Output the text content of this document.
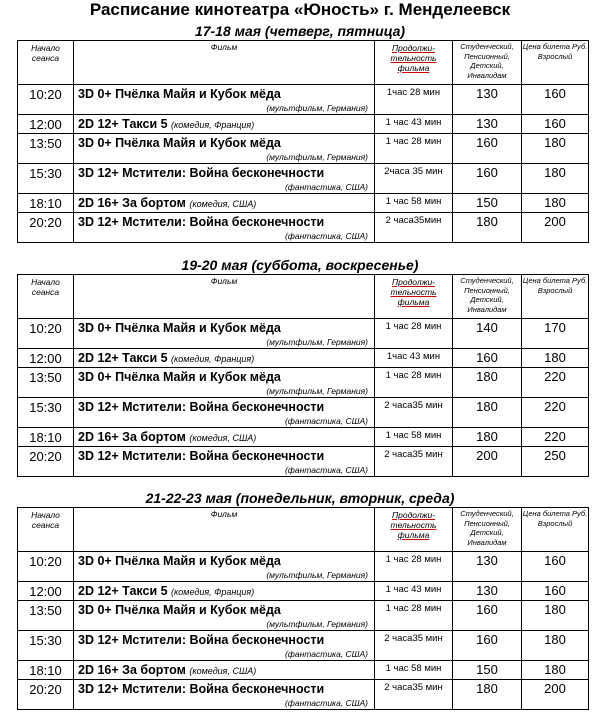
Расписание кинотеатра «Юность» г. Менделеевск
17-18 мая (четверг, пятница)
Начало сеанса	Фильм	Продолжи-тельность фильма	Студенческий, Пенсионный, Детский, Инвалидам	Цена билета Руб. Взрослый
10:20	3D 0+ Пчёлка Майя и Кубок мёда
(мультфильм, Германия)	1час 28 мин	130	160
12:00	2D 12+ Такси 5 (комедия, Франция)	1 час 43 мин	130	160
13:50	3D 0+ Пчёлка Майя и Кубок мёда
(мультфильм, Германия)	1 час 28 мин	160	180
15:30	3D 12+ Мстители: Война бесконечности
(фантастика, США)	2часа 35 мин	160	180
18:10	2D 16+ За бортом (комедия, США)	1 час 58 мин	150	180
20:20	3D 12+ Мстители: Война бесконечности
(фантастика, США)	2 часа35мин	180	200
19-20 мая (суббота, воскресенье)
Начало сеанса	Фильм	Продолжи-тельность фильма	Студенческий, Пенсионный, Детский, Инвалидам	Цена билета Руб. Взрослый
10:20	3D 0+ Пчёлка Майя и Кубок мёда
(мультфильм, Германия)	1 час 28 мин	140	170
12:00	2D 12+ Такси 5 (комедия, Франция)	1час 43 мин	160	180
13:50	3D 0+ Пчёлка Майя и Кубок мёда
(мультфильм, Германия)	1 час 28 мин	180	220
15:30	3D 12+ Мстители: Война бесконечности
(фантастика, США)	2 часа35 мин	180	220
18:10	2D 16+ За бортом (комедия, США)	1 час 58 мин	180	220
20:20	3D 12+ Мстители: Война бесконечности
(фантастика, США)	2 часа35 мин	200	250
21-22-23 мая (понедельник, вторник, среда)
Начало сеанса	Фильм	Продолжи-тельность фильма	Студенческий, Пенсионный, Детский, Инвалидам	Цена билета Руб. Взрослый
10:20	3D 0+ Пчёлка Майя и Кубок мёда
(мультфильм, Германия)	1 час 28 мин	130	160
12:00	2D 12+ Такси 5 (комедия, Франция)	1 час 43 мин	130	160
13:50	3D 0+ Пчёлка Майя и Кубок мёда
(мультфильм, Германия)	1 час 28 мин	160	180
15:30	3D 12+ Мстители: Война бесконечности
(фантастика, США)	2 часа35 мин	160	180
18:10	2D 16+ За бортом (комедия, США)	1 час 58 мин	150	180
20:20	3D 12+ Мстители: Война бесконечности
(фантастика, США)	2 часа35 мин	180	200
